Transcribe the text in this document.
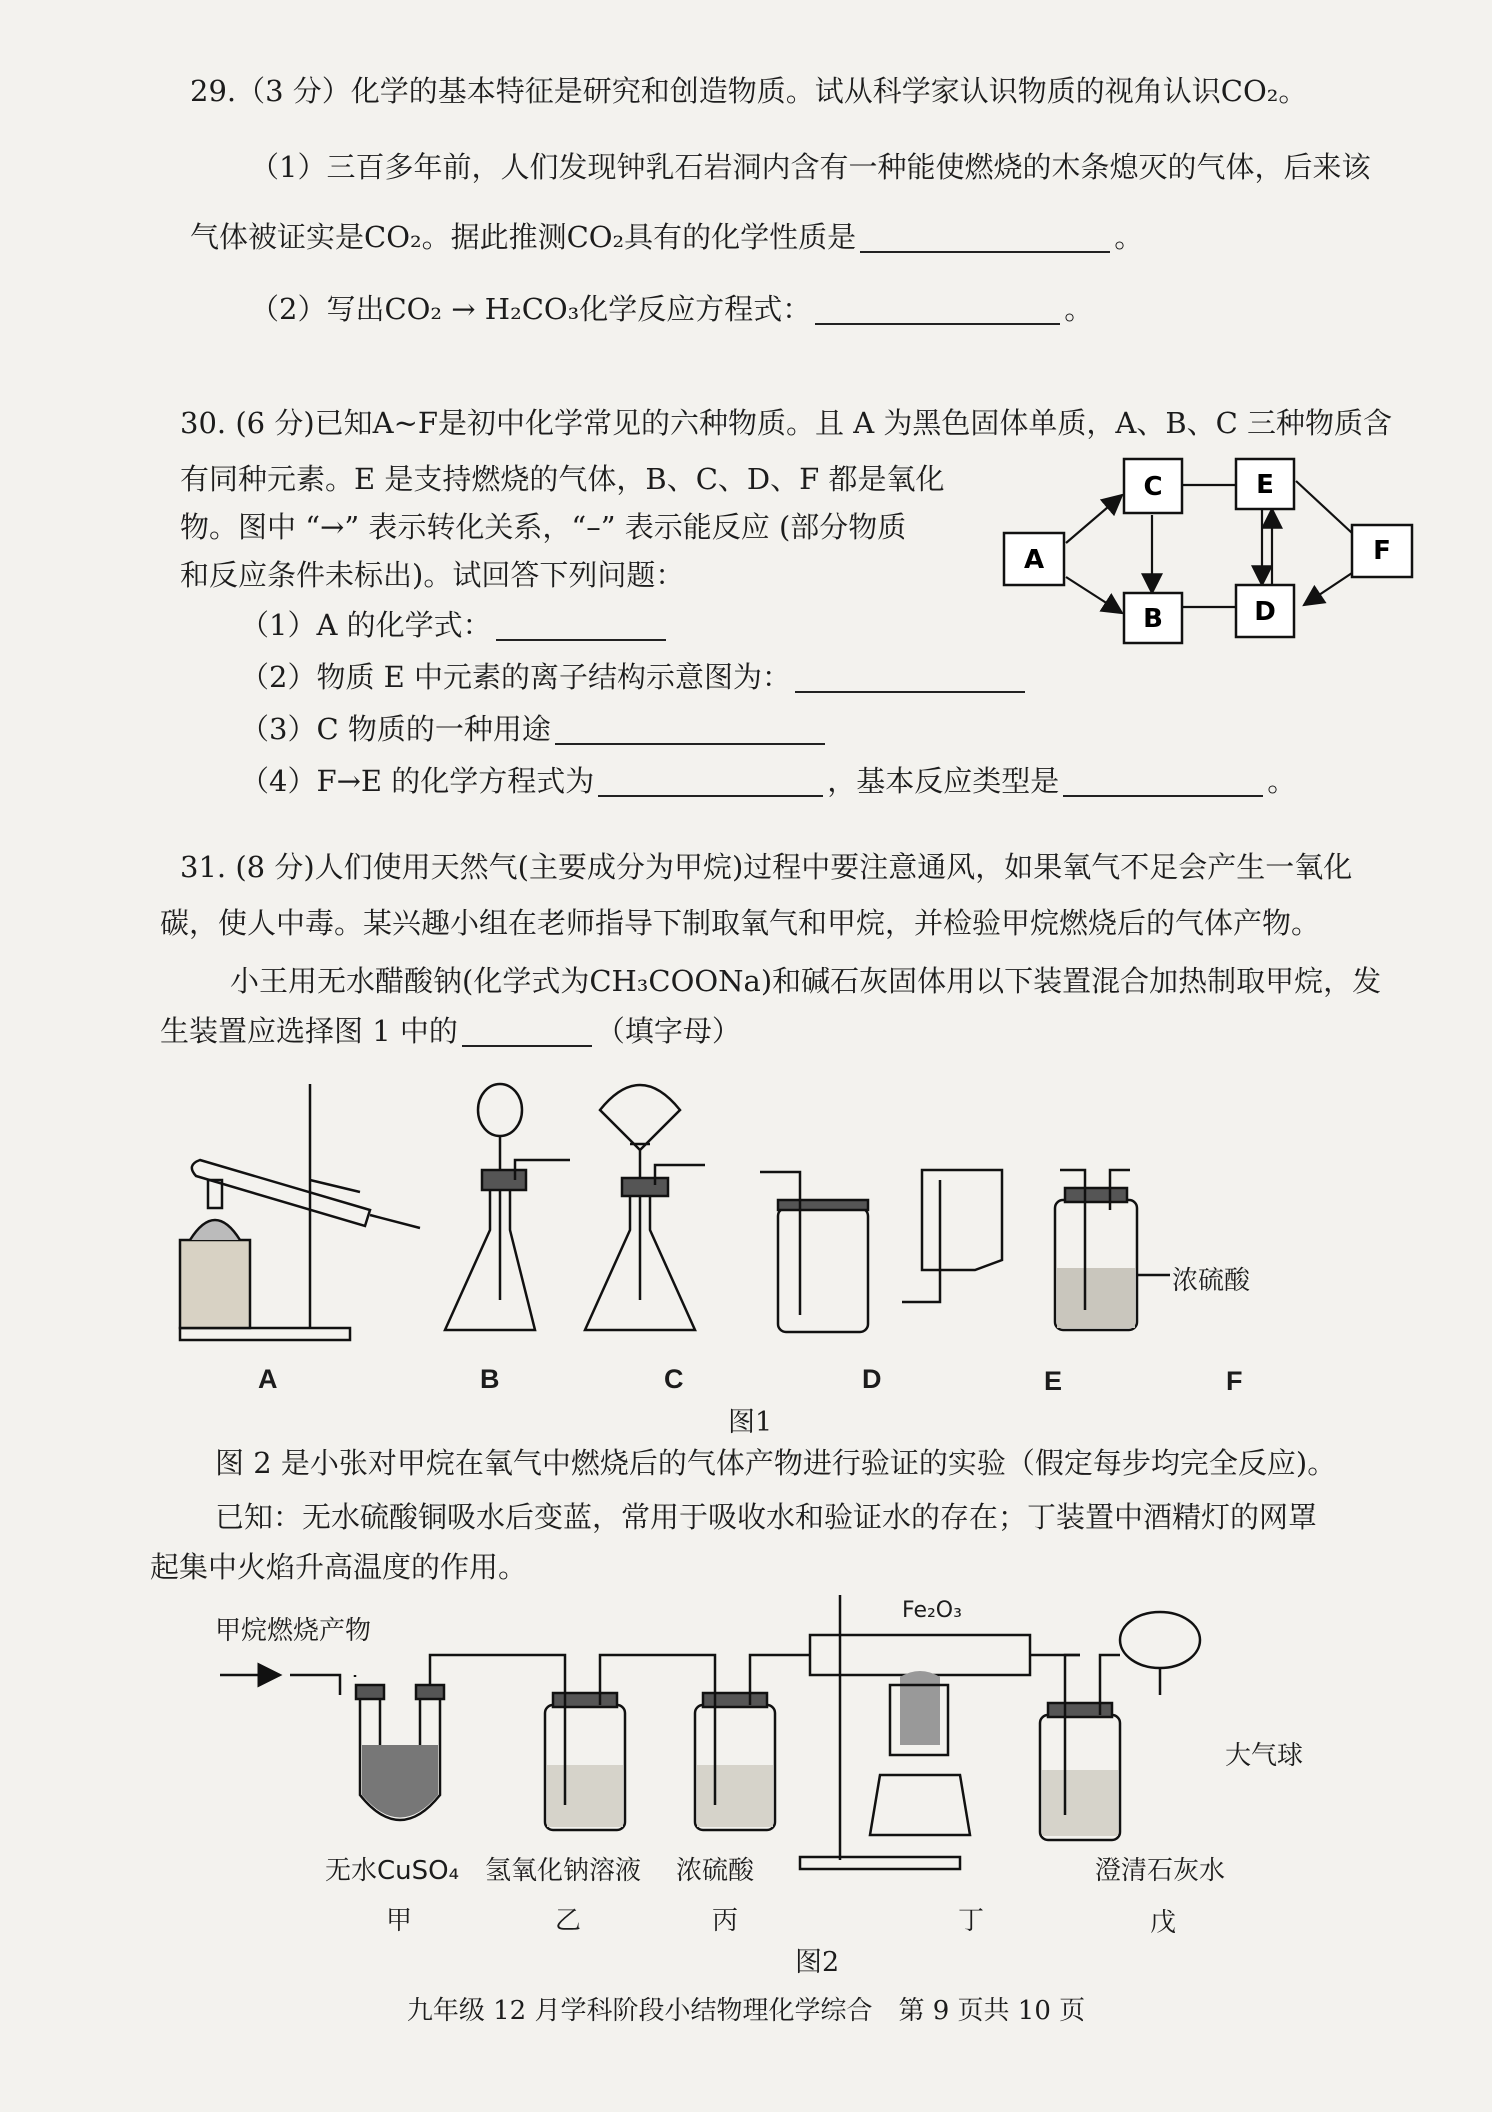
29.（3 分）化学的基本特征是研究和创造物质。试从科学家认识物质的视角认识CO₂。
（1）三百多年前，人们发现钟乳石岩洞内含有一种能使燃烧的木条熄灭的气体，后来该
气体被证实是CO₂。据此推测CO₂具有的化学性质是	。
（2）写出CO₂ → H₂CO₃化学反应方程式：	。
30. (6 分)已知A~F是初中化学常见的六种物质。且 A 为黑色固体单质，A、B、C 三种物质含
有同种元素。E 是支持燃烧的气体，B、C、D、F 都是氧化
物。图中 “→” 表示转化关系，“–” 表示能反应 (部分物质
和反应条件未标出)。试回答下列问题：
（1）A 的化学式：
（2）物质 E 中元素的离子结构示意图为：
（3）C 物质的一种用途
（4）F→E 的化学方程式为	，基本反应类型是	。
A
C
B
E
D
F
31. (8 分)人们使用天然气(主要成分为甲烷)过程中要注意通风，如果氧气不足会产生一氧化
碳，使人中毒。某兴趣小组在老师指导下制取氧气和甲烷，并检验甲烷燃烧后的气体产物。
小王用无水醋酸钠(化学式为CH₃COONa)和碱石灰固体用以下装置混合加热制取甲烷，发
生装置应选择图 1 中的	（填字母）
浓硫酸
A	B	C	D	E	F
图1
图 2 是小张对甲烷在氧气中燃烧后的气体产物进行验证的实验（假定每步均完全反应)。
已知：无水硫酸铜吸水后变蓝，常用于吸收水和验证水的存在；丁装置中酒精灯的网罩
起集中火焰升高温度的作用。
甲烷燃烧产物
Fe₂O₃
大气球
无水CuSO₄ 氢氧化钠溶液 浓硫酸	澄清石灰水
甲	乙	丙	丁	戊
图2
九年级 12 月学科阶段小结物理化学综合　第 9 页共 10 页
